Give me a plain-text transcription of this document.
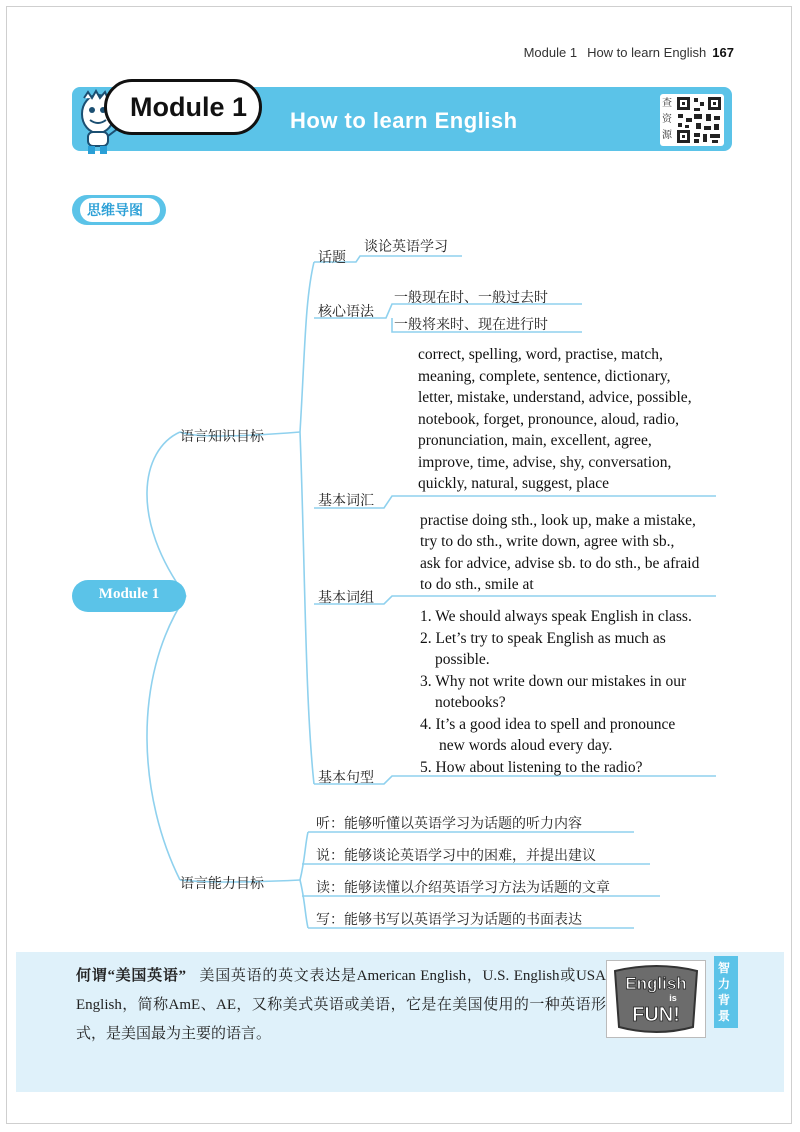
Module 1 How to learn English 167
Module 1 How to learn English
查资源
思维导图
Module 1
语言知识目标
语言能力目标
话题
谈论英语学习
核心语法
一般现在时、一般过去时
一般将来时、现在进行时
基本词汇
correct, spelling, word, practise, match,
meaning, complete, sentence, dictionary,
letter, mistake, understand, advice, possible,
notebook, forget, pronounce, aloud, radio,
pronunciation, main, excellent, agree,
improve, time, advise, shy, conversation,
quickly, natural, suggest, place
基本词组
practise doing sth., look up, make a mistake,
try to do sth., write down, agree with sb.,
ask for advice, advise sb. to do sth., be afraid
to do sth., smile at
基本句型
1. We should always speak English in class.
2. Let’s try to speak English as much as
possible.
3. Why not write down our mistakes in our
notebooks?
4. It’s a good idea to spell and pronounce
new words aloud every day.
5. How about listening to the radio?
听：能够听懂以英语学习为话题的听力内容
说：能够谈论英语学习中的困难，并提出建议
读：能够读懂以介绍英语学习方法为话题的文章
写：能够书写以英语学习为话题的书面表达
何谓“美国英语” 美国英语的英文表达是American English，U.S. English或USA English，简称AmE、AE，又称美式英语或美语，它是在美国使用的一种英语形式，是美国最为主要的语言。
English
is
FUN!
智力背景
